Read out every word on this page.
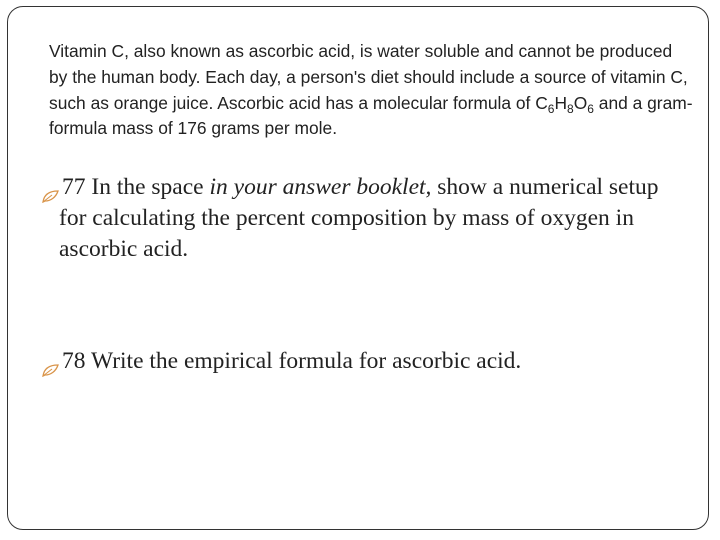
Vitamin C, also known as ascorbic acid, is water soluble and cannot be produced by the human body. Each day, a person's diet should include a source of vitamin C, such as orange juice. Ascorbic acid has a molecular formula of $C_6H_8O_6$ and a gram-formula mass of 176 grams per mole.
77 In the space in your answer booklet, show a numerical setup for calculating the percent composition by mass of oxygen in ascorbic acid.
78 Write the empirical formula for ascorbic acid.
